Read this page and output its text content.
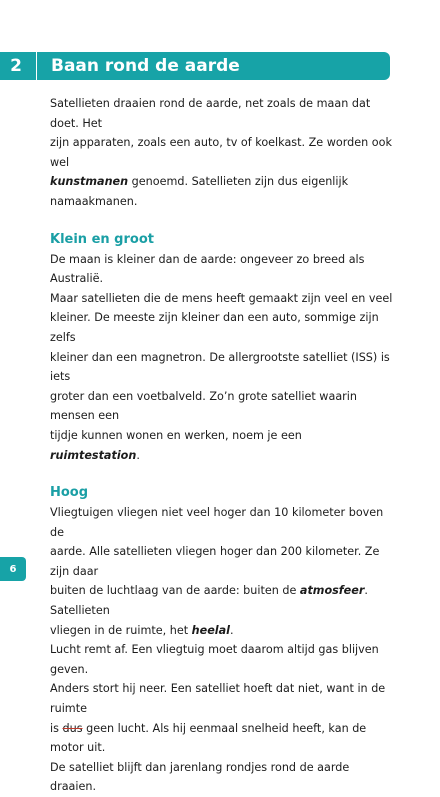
2	Baan rond de aarde

Satellieten draaien rond de aarde, net zoals de maan dat doet. Het

zijn apparaten, zoals een auto, tv of koelkast. Ze worden ook wel

kunstmanen genoemd. Satellieten zijn dus eigenlijk namaakmanen.

Klein en groot

De maan is kleiner dan de aarde: ongeveer zo breed als Australië.

Maar satellieten die de mens heeft gemaakt zijn veel en veel

kleiner. De meeste zijn kleiner dan een auto, sommige zijn zelfs

kleiner dan een magnetron. De allergrootste satelliet (ISS) is iets

groter dan een voetbalveld. Zo’n grote satelliet waarin mensen een

tijdje kunnen wonen en werken, noem je een ruimtestation.

Hoog

Vliegtuigen vliegen niet veel hoger dan 10 kilometer boven de

aarde. Alle satellieten vliegen hoger dan 200 kilometer. Ze zijn daar

buiten de luchtlaag van de aarde: buiten de atmosfeer. Satellieten

vliegen in de ruimte, het heelal.

Lucht remt af. Een vliegtuig moet daarom altijd gas blijven geven.

Anders stort hij neer. Een satelliet hoeft dat niet, want in de ruimte

is dus geen lucht. Als hij eenmaal snelheid heeft, kan de motor uit.

De satelliet blijft dan jarenlang rondjes rond de aarde draaien.

6
